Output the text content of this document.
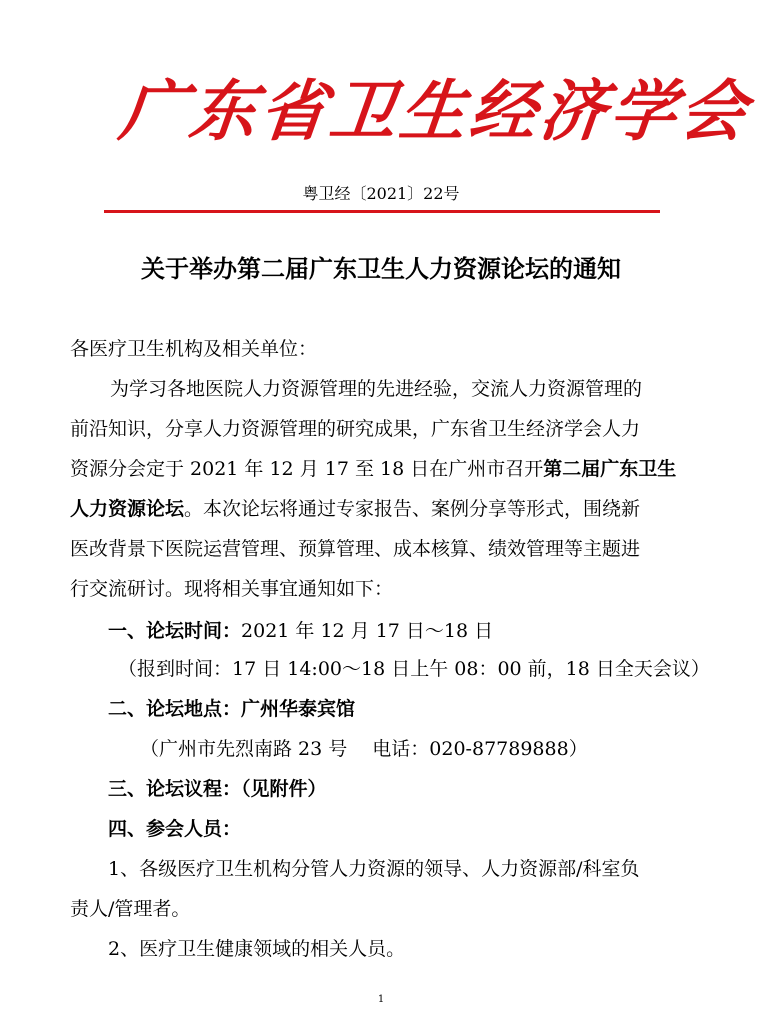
广东省卫生经济学会
粤卫经〔2021〕22号
关于举办第二届广东卫生人力资源论坛的通知
各医疗卫生机构及相关单位：
为学习各地医院人力资源管理的先进经验，交流人力资源管理的
前沿知识，分享人力资源管理的研究成果，广东省卫生经济学会人力
资源分会定于 2021 年 12 月 17 至 18 日在广州市召开第二届广东卫生
人力资源论坛。本次论坛将通过专家报告、案例分享等形式，围绕新
医改背景下医院运营管理、预算管理、成本核算、绩效管理等主题进
行交流研讨。现将相关事宜通知如下：
一、论坛时间：2021 年 12 月 17 日～18 日
（报到时间：17 日 14:00～18 日上午 08：00 前，18 日全天会议）
二、论坛地点：广州华泰宾馆
（广州市先烈南路 23 号　 电话：020-87789888）
三、论坛议程：（见附件）
四、参会人员：
1、各级医疗卫生机构分管人力资源的领导、人力资源部/科室负
责人/管理者。
2、医疗卫生健康领域的相关人员。
1
